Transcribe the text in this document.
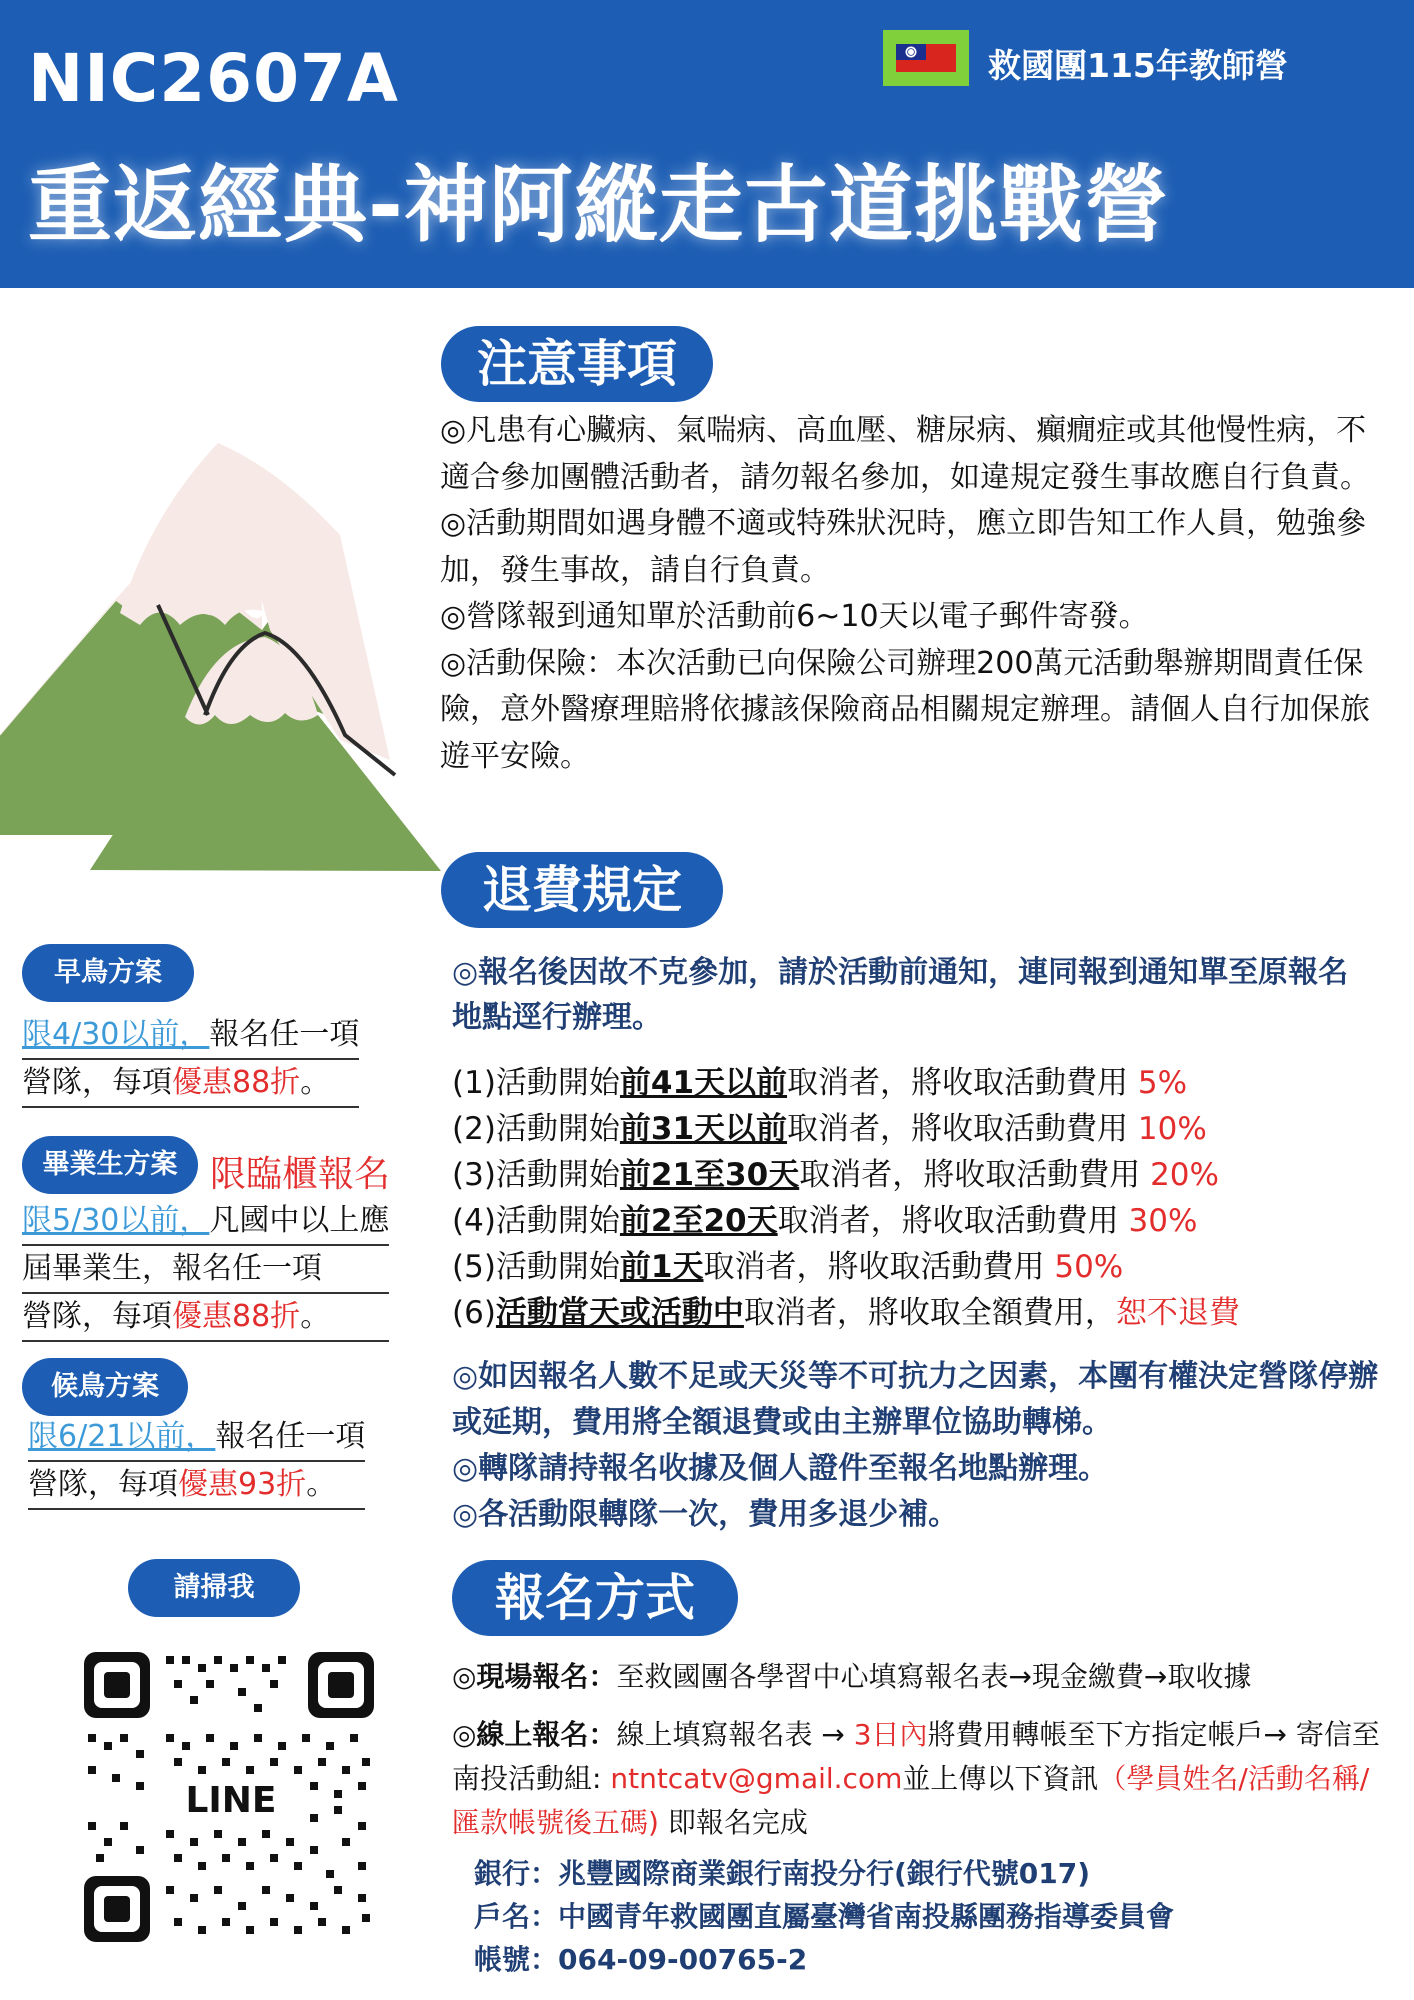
NIC2607A
重返經典-神阿縱走古道挑戰營
救國團115年教師營
注意事項

◎凡患有心臟病、氣喘病、高血壓、糖尿病、癲癇症或其他慢性病，不適合參加團體活動者，請勿報名參加，如違規定發生事故應自行負責。

◎活動期間如遇身體不適或特殊狀況時，應立即告知工作人員，勉強參加，發生事故，請自行負責。

◎營隊報到通知單於活動前6~10天以電子郵件寄發。

◎活動保險：本次活動已向保險公司辦理200萬元活動舉辦期間責任保險，意外醫療理賠將依據該保險商品相關規定辦理。請個人自行加保旅遊平安險。

退費規定
◎報名後因故不克參加，請於活動前通知，連同報到通知單至原報名地點逕行辦理。
(1)活動開始前41天以前取消者，將收取活動費用 5%
(2)活動開始前31天以前取消者，將收取活動費用 10%
(3)活動開始前21至30天取消者，將收取活動費用 20%
(4)活動開始前2至20天取消者，將收取活動費用 30%
(5)活動開始前1天取消者，將收取活動費用 50%
(6)活動當天或活動中取消者，將收取全額費用，恕不退費

◎如因報名人數不足或天災等不可抗力之因素，本團有權決定營隊停辦或延期，費用將全額退費或由主辦單位協助轉梯。

◎轉隊請持報名收據及個人證件至報名地點辦理。

◎各活動限轉隊一次，費用多退少補。

早鳥方案
限4/30以前，報名任一項
營隊，每項優惠88折。
畢業生方案 限臨櫃報名
限5/30以前，凡國中以上應
屆畢業生，報名任一項
營隊，每項優惠88折。
候鳥方案
限6/21以前，報名任一項
營隊，每項優惠93折。
請掃我
LINE
報名方式

◎現場報名：至救國團各學習中心填寫報名表→現金繳費→取收據

◎線上報名：線上填寫報名表 → 3日內將費用轉帳至下方指定帳戶→ 寄信至南投活動組: ntntcatv@gmail.com並上傳以下資訊（學員姓名/活動名稱/匯款帳號後五碼) 即報名完成

銀行：兆豐國際商業銀行南投分行(銀行代號017)
戶名：中國青年救國團直屬臺灣省南投縣團務指導委員會
帳號：064-09-00765-2
